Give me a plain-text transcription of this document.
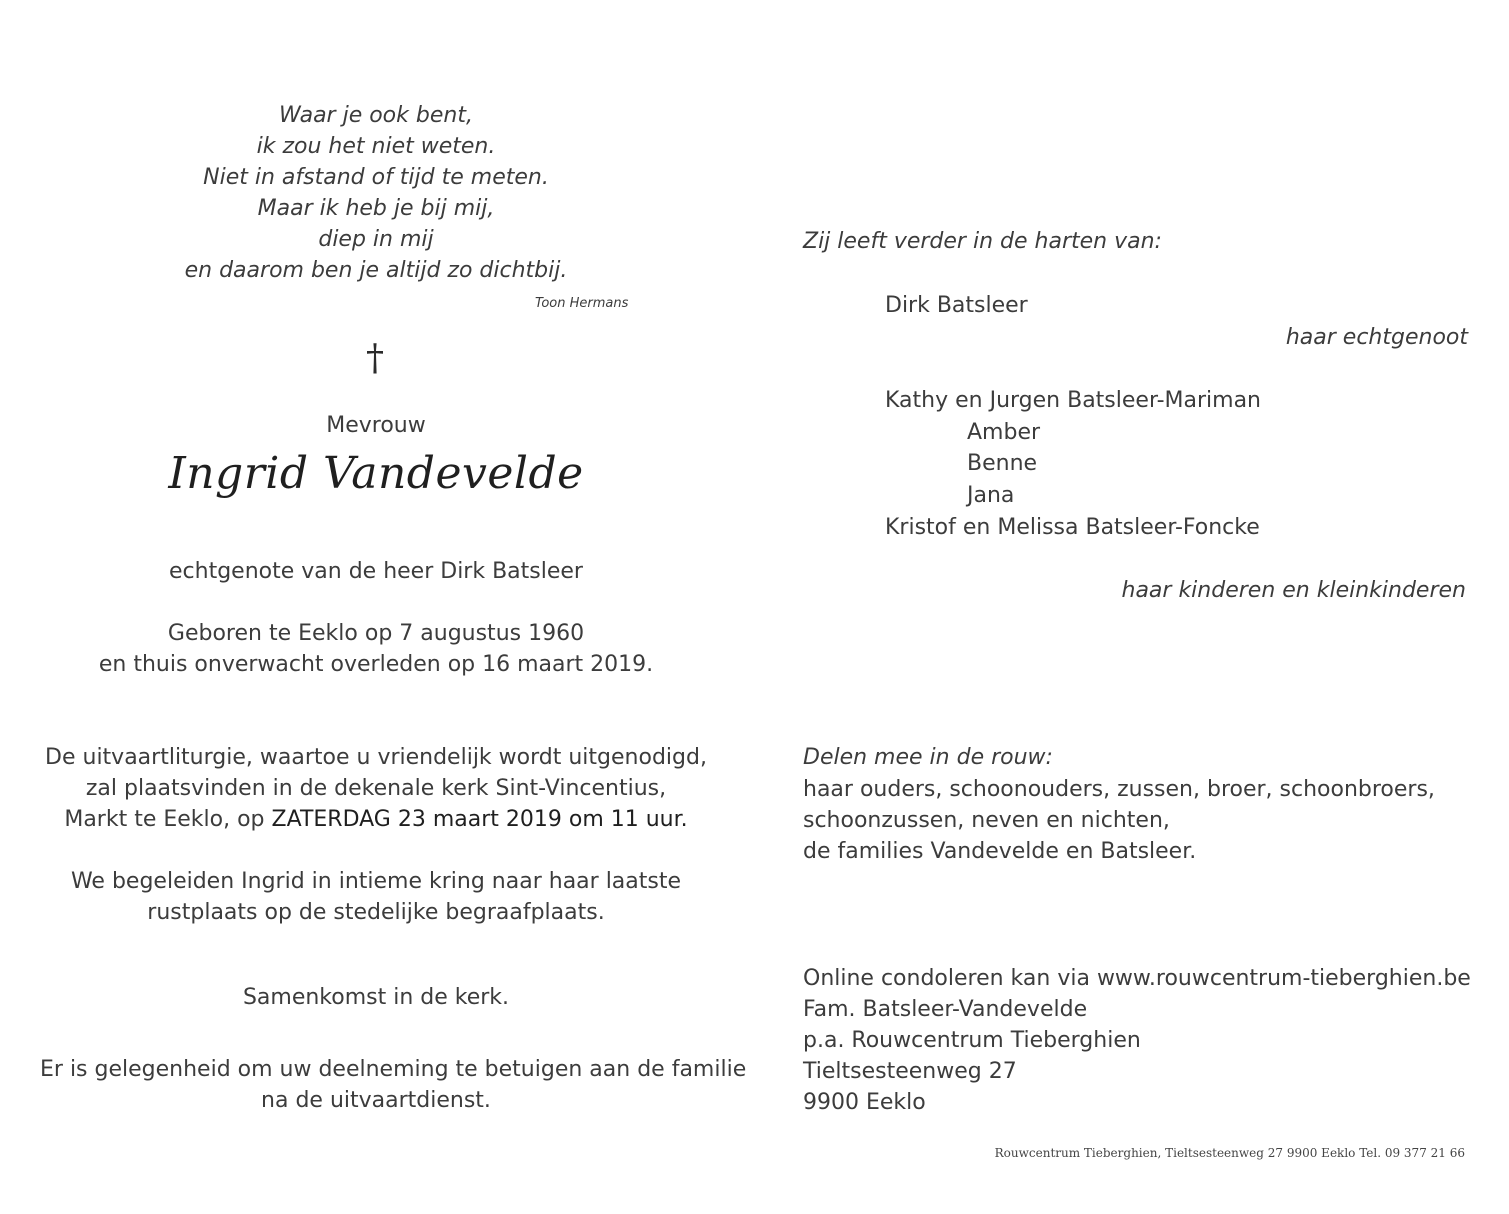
Waar je ook bent,
ik zou het niet weten.
Niet in afstand of tijd te meten.
Maar ik heb je bij mij,
diep in mij
en daarom ben je altijd zo dichtbij.
Toon Hermans
†
Mevrouw
Ingrid Vandevelde
echtgenote van de heer Dirk Batsleer
Geboren te Eeklo op 7 augustus 1960
en thuis onverwacht overleden op 16 maart 2019.
De uitvaartliturgie, waartoe u vriendelijk wordt uitgenodigd,
zal plaatsvinden in de dekenale kerk Sint-Vincentius,
Markt te Eeklo, op ZATERDAG 23 maart 2019 om 11 uur.
We begeleiden Ingrid in intieme kring naar haar laatste
rustplaats op de stedelijke begraafplaats.
Samenkomst in de kerk.
Er is gelegenheid om uw deelneming te betuigen aan de familie
na de uitvaartdienst.
Zij leeft verder in de harten van:
Dirk Batsleer
haar echtgenoot
Kathy en Jurgen Batsleer-Mariman
Amber
Benne
Jana
Kristof en Melissa Batsleer-Foncke
haar kinderen en kleinkinderen
Delen mee in de rouw:
haar ouders, schoonouders, zussen, broer, schoonbroers,
schoonzussen, neven en nichten,
de families Vandevelde en Batsleer.
Online condoleren kan via www.rouwcentrum-tieberghien.be
Fam. Batsleer-Vandevelde
p.a. Rouwcentrum Tieberghien
Tieltsesteenweg 27
9900 Eeklo
Rouwcentrum Tieberghien, Tieltsesteenweg 27 9900 Eeklo Tel. 09 377 21 66
